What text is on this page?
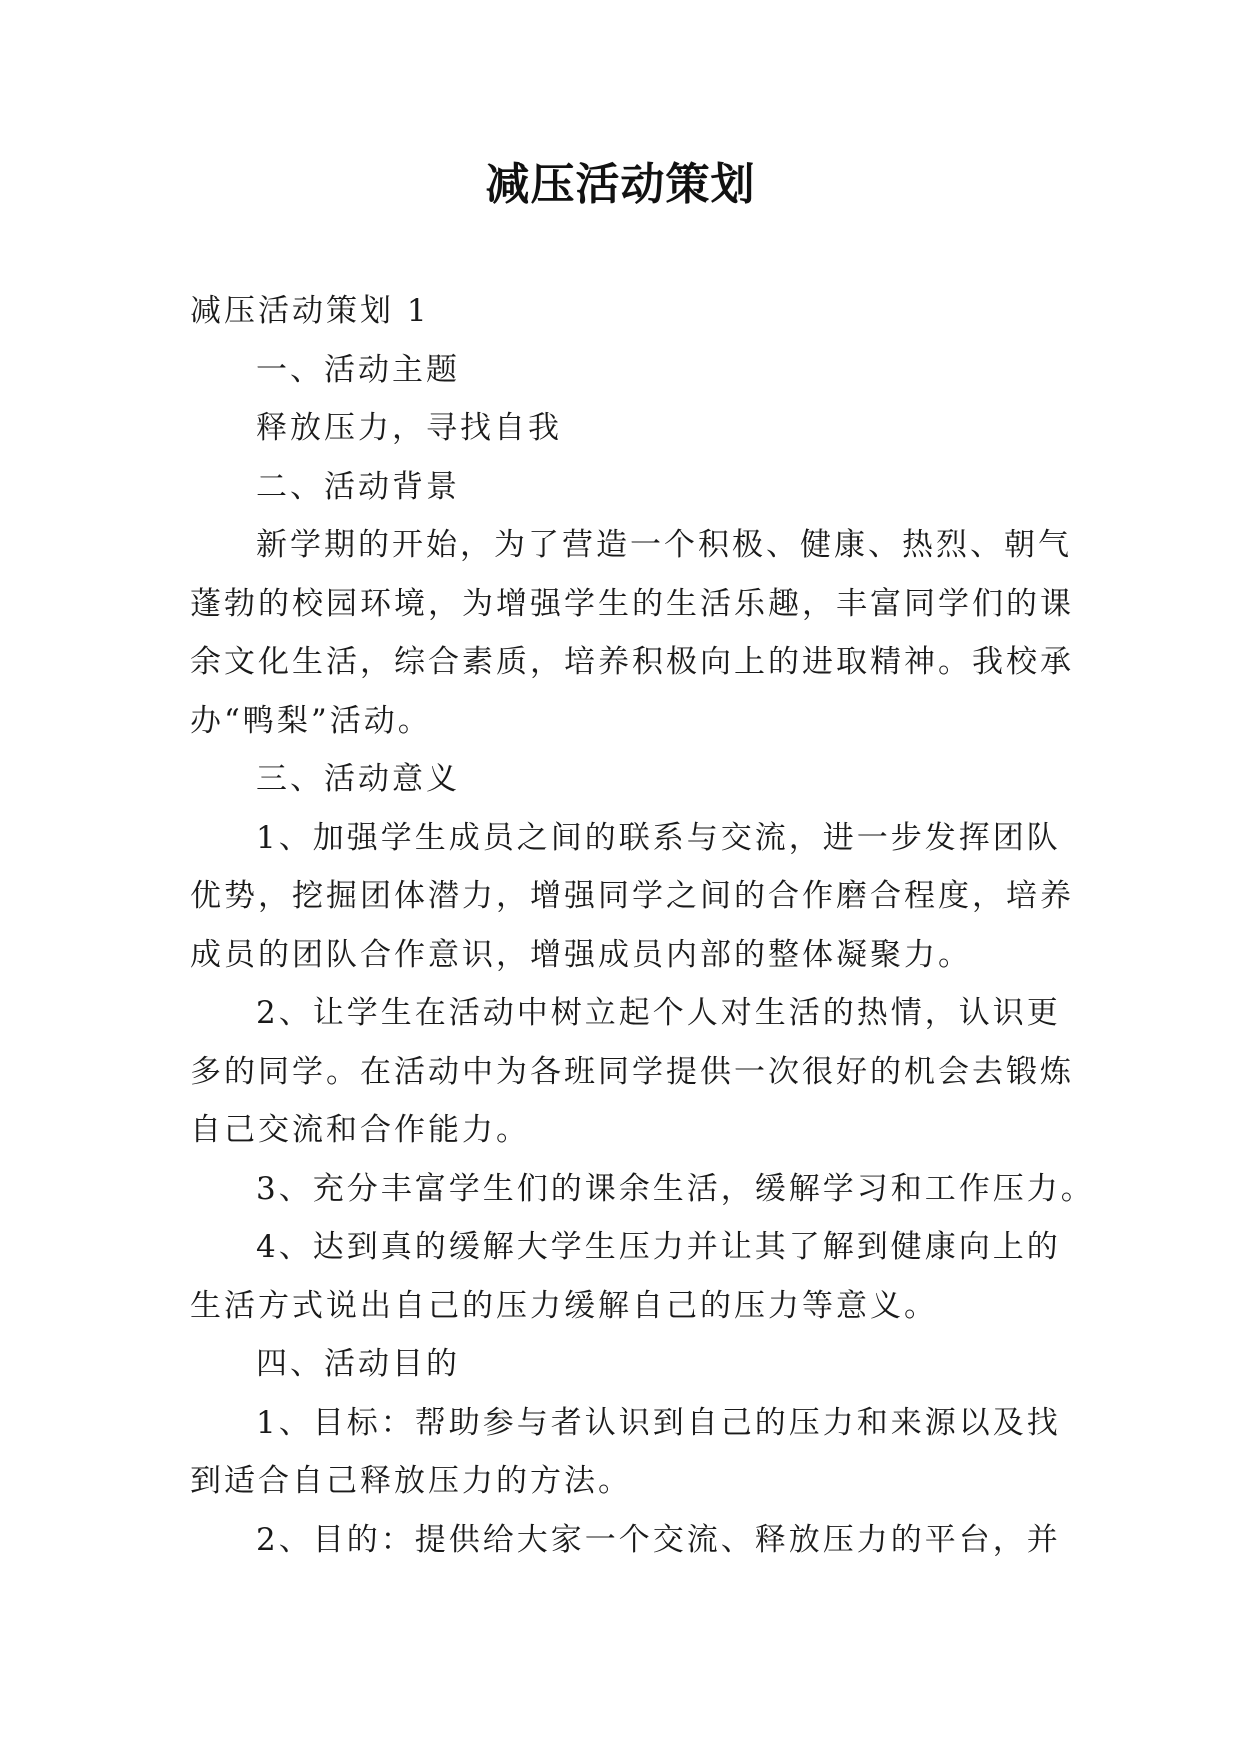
减压活动策划
减压活动策划 1
一、活动主题
释放压力，寻找自我
二、活动背景
新学期的开始，为了营造一个积极、健康、热烈、朝气
蓬勃的校园环境，为增强学生的生活乐趣，丰富同学们的课
余文化生活，综合素质，培养积极向上的进取精神。我校承
办“鸭梨”活动。
三、活动意义
1、加强学生成员之间的联系与交流，进一步发挥团队
优势，挖掘团体潜力，增强同学之间的合作磨合程度，培养
成员的团队合作意识，增强成员内部的整体凝聚力。
2、让学生在活动中树立起个人对生活的热情，认识更
多的同学。在活动中为各班同学提供一次很好的机会去锻炼
自己交流和合作能力。
3、充分丰富学生们的课余生活，缓解学习和工作压力。
4、达到真的缓解大学生压力并让其了解到健康向上的
生活方式说出自己的压力缓解自己的压力等意义。
四、活动目的
1、目标：帮助参与者认识到自己的压力和来源以及找
到适合自己释放压力的方法。
2、目的：提供给大家一个交流、释放压力的平台，并
